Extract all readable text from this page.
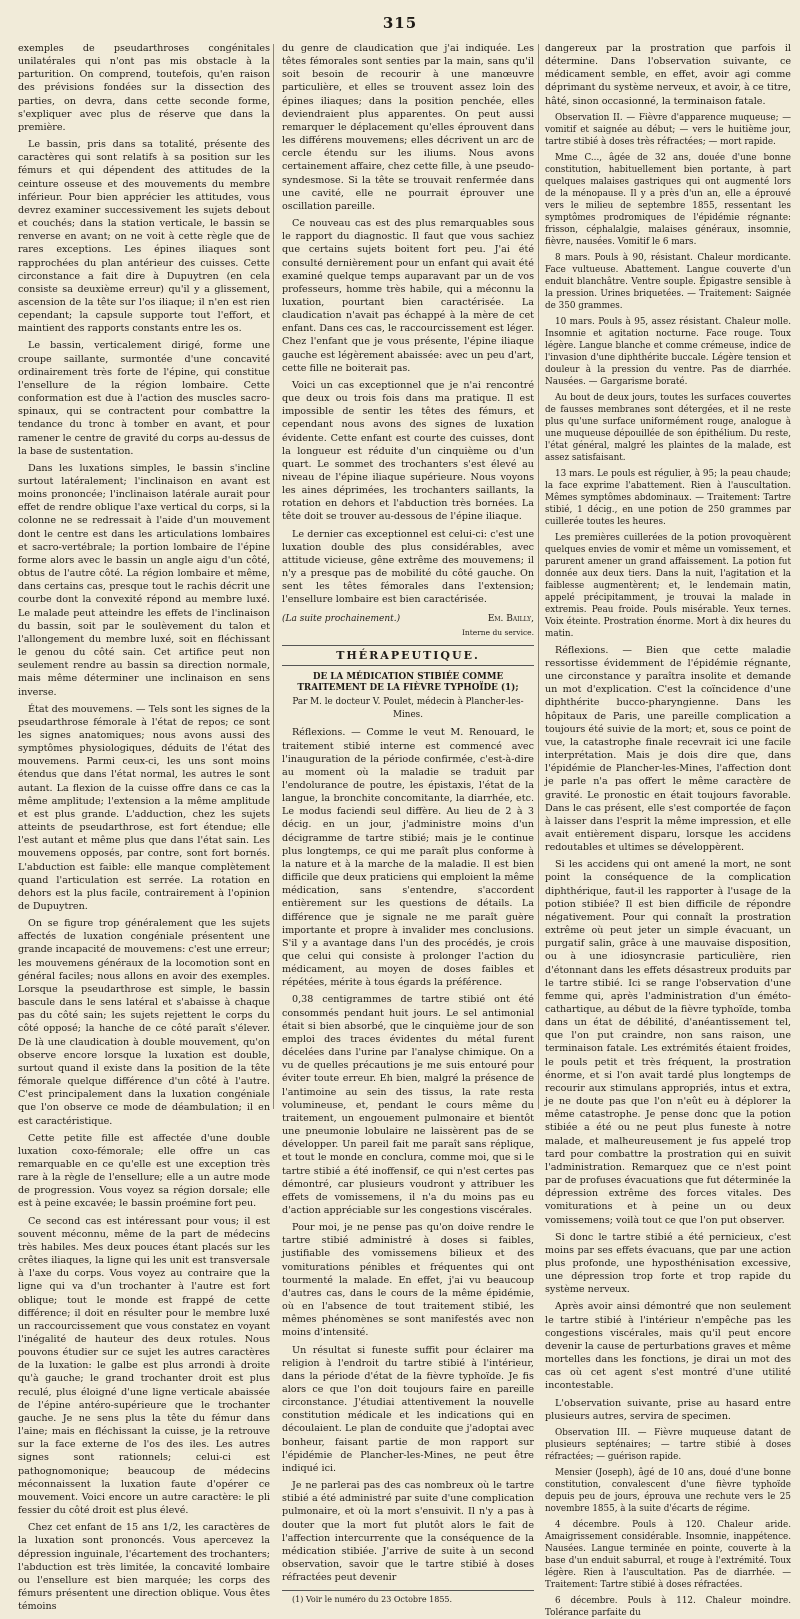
315

exemples de pseudarthroses congénitales unilatérales qui n'ont pas mis obstacle à la parturition. On comprend, toutefois, qu'en raison des prévisions fondées sur la dissection des parties, on devra, dans cette seconde forme, s'expliquer avec plus de réserve que dans la première.

Le bassin, pris dans sa totalité, présente des caractères qui sont relatifs à sa position sur les fémurs et qui dépendent des attitudes de la ceinture osseuse et des mouvements du membre inférieur. Pour bien apprécier les attitudes, vous devrez examiner successivement les sujets debout et couchés; dans la station verticale, le bassin se renverse en avant; on ne voit à cette règle que de rares exceptions. Les épines iliaques sont rapprochées du plan antérieur des cuisses. Cette circonstance a fait dire à Dupuytren (en cela consiste sa deuxième erreur) qu'il y a glissement, ascension de la tête sur l'os iliaque; il n'en est rien cependant; la capsule supporte tout l'effort, et maintient des rapports constants entre les os.

Le bassin, verticalement dirigé, forme une croupe saillante, surmontée d'une concavité ordinairement très forte de l'épine, qui constitue l'ensellure de la région lombaire. Cette conformation est due à l'action des muscles sacro-spinaux, qui se contractent pour combattre la tendance du tronc à tomber en avant, et pour ramener le centre de gravité du corps au-dessus de la base de sustentation.

Dans les luxations simples, le bassin s'incline surtout latéralement; l'inclinaison en avant est moins prononcée; l'inclinaison latérale aurait pour effet de rendre oblique l'axe vertical du corps, si la colonne ne se redressait à l'aide d'un mouvement dont le centre est dans les articulations lombaires et sacro-vertébrale; la portion lombaire de l'épine forme alors avec le bassin un angle aigu d'un côté, obtus de l'autre côté. La région lombaire et même, dans certains cas, presque tout le rachis décrit une courbe dont la convexité répond au membre luxé. Le malade peut atteindre les effets de l'inclinaison du bassin, soit par le soulèvement du talon et l'allongement du membre luxé, soit en fléchissant le genou du côté sain. Cet artifice peut non seulement rendre au bassin sa direction normale, mais même déterminer une inclinaison en sens inverse.

État des mouvemens. — Tels sont les signes de la pseudarthrose fémorale à l'état de repos; ce sont les signes anatomiques; nous avons aussi des symptômes physiologiques, déduits de l'état des mouvemens. Parmi ceux-ci, les uns sont moins étendus que dans l'état normal, les autres le sont autant. La flexion de la cuisse offre dans ce cas la même amplitude; l'extension a la même amplitude et est plus grande. L'adduction, chez les sujets atteints de pseudarthrose, est fort étendue; elle l'est autant et même plus que dans l'état sain. Les mouvemens opposés, par contre, sont fort bornés. L'abduction est faible: elle manque complètement quand l'articulation est serrée. La rotation en dehors est la plus facile, contrairement à l'opinion de Dupuytren.

On se figure trop généralement que les sujets affectés de luxation congéniale présentent une grande incapacité de mouvemens: c'est une erreur; les mouvemens généraux de la locomotion sont en général faciles; nous allons en avoir des exemples. Lorsque la pseudarthrose est simple, le bassin bascule dans le sens latéral et s'abaisse à chaque pas du côté sain; les sujets rejettent le corps du côté opposé; la hanche de ce côté paraît s'élever. De là une claudication à double mouvement, qu'on observe encore lorsque la luxation est double, surtout quand il existe dans la position de la tête fémorale quelque différence d'un côté à l'autre. C'est principalement dans la luxation congéniale que l'on observe ce mode de déambulation; il en est caractéristique.

Cette petite fille est affectée d'une double luxation coxo-fémorale; elle offre un cas remarquable en ce qu'elle est une exception très rare à la règle de l'ensellure; elle a un autre mode de progression. Vous voyez sa région dorsale; elle est à peine excavée; le bassin proémine fort peu.

Ce second cas est intéressant pour vous; il est souvent méconnu, même de la part de médecins très habiles. Mes deux pouces étant placés sur les crêtes iliaques, la ligne qui les unit est transversale à l'axe du corps. Vous voyez au contraire que la ligne qui va d'un trochanter à l'autre est fort oblique; tout le monde est frappé de cette différence; il doit en résulter pour le membre luxé un raccourcissement que vous constatez en voyant l'inégalité de hauteur des deux rotules. Nous pouvons étudier sur ce sujet les autres caractères de la luxation: le galbe est plus arrondi à droite qu'à gauche; le grand trochanter droit est plus reculé, plus éloigné d'une ligne verticale abaissée de l'épine antéro-supérieure que le trochanter gauche. Je ne sens plus la tête du fémur dans l'aine; mais en fléchissant la cuisse, je la retrouve sur la face externe de l'os des iles. Les autres signes sont rationnels; celui-ci est pathognomonique; beaucoup de médecins méconnaissent la luxation faute d'opérer ce mouvement. Voici encore un autre caractère: le pli fessier du côté droit est plus élevé.

Chez cet enfant de 15 ans 1/2, les caractères de la luxation sont prononcés. Vous apercevez la dépression inguinale, l'écartement des trochanters; l'abduction est très limitée, la concavité lombaire ou l'ensellure est bien marquée; les corps des fémurs présentent une direction oblique. Vous êtes témoins

du genre de claudication que j'ai indiquée. Les têtes fémorales sont senties par la main, sans qu'il soit besoin de recourir à une manœuvre particulière, et elles se trouvent assez loin des épines iliaques; dans la position penchée, elles deviendraient plus apparentes. On peut aussi remarquer le déplacement qu'elles éprouvent dans les différens mouvemens; elles décrivent un arc de cercle étendu sur les iliums. Nous avons certainement affaire, chez cette fille, à une pseudo-syndesmose. Si la tête se trouvait renfermée dans une cavité, elle ne pourrait éprouver une oscillation pareille.

Ce nouveau cas est des plus remarquables sous le rapport du diagnostic. Il faut que vous sachiez que certains sujets boitent fort peu. J'ai été consulté dernièrement pour un enfant qui avait été examiné quelque temps auparavant par un de vos professeurs, homme très habile, qui a méconnu la luxation, pourtant bien caractérisée. La claudication n'avait pas échappé à la mère de cet enfant. Dans ces cas, le raccourcissement est léger. Chez l'enfant que je vous présente, l'épine iliaque gauche est légèrement abaissée: avec un peu d'art, cette fille ne boiterait pas.

Voici un cas exceptionnel que je n'ai rencontré que deux ou trois fois dans ma pratique. Il est impossible de sentir les têtes des fémurs, et cependant nous avons des signes de luxation évidente. Cette enfant est courte des cuisses, dont la longueur est réduite d'un cinquième ou d'un quart. Le sommet des trochanters s'est élevé au niveau de l'épine iliaque supérieure. Nous voyons les aines déprimées, les trochanters saillants, la rotation en dehors et l'abduction très bornées. La tête doit se trouver au-dessous de l'épine iliaque.

Le dernier cas exceptionnel est celui-ci: c'est une luxation double des plus considérables, avec attitude vicieuse, gêne extrême des mouvemens; il n'y a presque pas de mobilité du côté gauche. On sent les têtes fémorales dans l'extension; l'ensellure lombaire est bien caractérisée.

(La suite prochainement.)	Em. Bailly,
Interne du service.
THÉRAPEUTIQUE.
DE LA MÉDICATION STIBIÉE COMME TRAITEMENT DE LA FIÈVRE TYPHOÏDE (1);
Par M. le docteur V. Poulet, médecin à Plancher-les-Mines.

Réflexions. — Comme le veut M. Renouard, le traitement stibié interne est commencé avec l'inauguration de la période confirmée, c'est-à-dire au moment où la maladie se traduit par l'endolurance de poutre, les épistaxis, l'état de la langue, la bronchite concomitante, la diarrhée, etc. Le modus faciendi seul diffère. Au lieu de 2 à 3 décig. en un jour, j'administre moins d'un décigramme de tartre stibié; mais je le continue plus longtemps, ce qui me paraît plus conforme à la nature et à la marche de la maladie. Il est bien difficile que deux praticiens qui emploient la même médication, sans s'entendre, s'accordent entièrement sur les questions de détails. La différence que je signale ne me paraît guère importante et propre à invalider mes conclusions. S'il y a avantage dans l'un des procédés, je crois que celui qui consiste à prolonger l'action du médicament, au moyen de doses faibles et répétées, mérite à tous égards la préférence.

0,38 centigrammes de tartre stibié ont été consommés pendant huit jours. Le sel antimonial était si bien absorbé, que le cinquième jour de son emploi des traces évidentes du métal furent décelées dans l'urine par l'analyse chimique. On a vu de quelles précautions je me suis entouré pour éviter toute erreur. Eh bien, malgré la présence de l'antimoine au sein des tissus, la rate resta volumineuse, et, pendant le cours même du traitement, un engouement pulmonaire et bientôt une pneumonie lobulaire ne laissèrent pas de se développer. Un pareil fait me paraît sans réplique, et tout le monde en conclura, comme moi, que si le tartre stibié a été inoffensif, ce qui n'est certes pas démontré, car plusieurs voudront y attribuer les effets de vomissemens, il n'a du moins pas eu d'action appréciable sur les congestions viscérales.

Pour moi, je ne pense pas qu'on doive rendre le tartre stibié administré à doses si faibles, justifiable des vomissemens bilieux et des vomiturations pénibles et fréquentes qui ont tourmenté la malade. En effet, j'ai vu beaucoup d'autres cas, dans le cours de la même épidémie, où en l'absence de tout traitement stibié, les mêmes phénomènes se sont manifestés avec non moins d'intensité.

Un résultat si funeste suffit pour éclairer ma religion à l'endroit du tartre stibié à l'intérieur, dans la période d'état de la fièvre typhoïde. Je fis alors ce que l'on doit toujours faire en pareille circonstance. J'étudiai attentivement la nouvelle constitution médicale et les indications qui en découlaient. Le plan de conduite que j'adoptai avec bonheur, faisant partie de mon rapport sur l'épidémie de Plancher-les-Mines, ne peut être indiqué ici.

Je ne parlerai pas des cas nombreux où le tartre stibié a été administré par suite d'une complication pulmonaire, et où la mort s'ensuivit. Il n'y a pas à douter que la mort fut plutôt alors le fait de l'affection intercurrente que la conséquence de la médication stibiée. J'arrive de suite à un second observation, savoir que le tartre stibié à doses réfractées peut devenir

(1) Voir le numéro du 23 Octobre 1855.

dangereux par la prostration que parfois il détermine. Dans l'observation suivante, ce médicament semble, en effet, avoir agi comme déprimant du système nerveux, et avoir, à ce titre, hâté, sinon occasionné, la terminaison fatale.

Observation II. — Fièvre d'apparence muqueuse; — vomitif et saignée au début; — vers le huitième jour, tartre stibié à doses très réfractées; — mort rapide.

Mme C..., âgée de 32 ans, douée d'une bonne constitution, habituellement bien portante, à part quelques malaises gastriques qui ont augmenté lors de la ménopause. Il y a près d'un an, elle a éprouvé vers le milieu de septembre 1855, ressentant les symptômes prodromiques de l'épidémie régnante: frisson, céphalalgie, malaises généraux, insomnie, fièvre, nausées. Vomitif le 6 mars.

8 mars. Pouls à 90, résistant. Chaleur mordicante. Face vultueuse. Abattement. Langue couverte d'un enduit blanchâtre. Ventre souple. Épigastre sensible à la pression. Urines briquetées. — Traitement: Saignée de 350 grammes.

10 mars. Pouls à 95, assez résistant. Chaleur molle. Insomnie et agitation nocturne. Face rouge. Toux légère. Langue blanche et comme crémeuse, indice de l'invasion d'une diphthérite buccale. Légère tension et douleur à la pression du ventre. Pas de diarrhée. Nausées. — Gargarisme boraté.

Au bout de deux jours, toutes les surfaces couvertes de fausses membranes sont détergées, et il ne reste plus qu'une surface uniformément rouge, analogue à une muqueuse dépouillée de son épithélium. Du reste, l'état général, malgré les plaintes de la malade, est assez satisfaisant.

13 mars. Le pouls est régulier, à 95; la peau chaude; la face exprime l'abattement. Rien à l'auscultation. Mêmes symptômes abdominaux. — Traitement: Tartre stibié, 1 décig., en une potion de 250 grammes par cuillerée toutes les heures.

Les premières cuillerées de la potion provoquèrent quelques envies de vomir et même un vomissement, et parurent amener un grand affaissement. La potion fut donnée aux deux tiers. Dans la nuit, l'agitation et la faiblesse augmentèrent; et, le lendemain matin, appelé précipitamment, je trouvai la malade in extremis. Peau froide. Pouls misérable. Yeux ternes. Voix éteinte. Prostration énorme. Mort à dix heures du matin.

Réflexions. — Bien que cette maladie ressortisse évidemment de l'épidémie régnante, une circonstance y paraîtra insolite et demande un mot d'explication. C'est la coïncidence d'une diphthérite bucco-pharyngienne. Dans les hôpitaux de Paris, une pareille complication a toujours été suivie de la mort; et, sous ce point de vue, la catastrophe finale recevrait ici une facile interprétation. Mais je dois dire que, dans l'épidémie de Plancher-les-Mines, l'affection dont je parle n'a pas offert le même caractère de gravité. Le pronostic en était toujours favorable. Dans le cas présent, elle s'est comportée de façon à laisser dans l'esprit la même impression, et elle avait entièrement disparu, lorsque les accidens redoutables et ultimes se développèrent.

Si les accidens qui ont amené la mort, ne sont point la conséquence de la complication diphthérique, faut-il les rapporter à l'usage de la potion stibiée? Il est bien difficile de répondre négativement. Pour qui connaît la prostration extrême où peut jeter un simple évacuant, un purgatif salin, grâce à une mauvaise disposition, ou à une idiosyncrasie particulière, rien d'étonnant dans les effets désastreux produits par le tartre stibié. Ici se range l'observation d'une femme qui, après l'administration d'un éméto-cathartique, au début de la fièvre typhoïde, tomba dans un état de débilité, d'anéantissement tel, que l'on put craindre, non sans raison, une terminaison fatale. Les extrémités étaient froides, le pouls petit et très fréquent, la prostration énorme, et si l'on avait tardé plus longtemps de recourir aux stimulans appropriés, intus et extra, je ne doute pas que l'on n'eût eu à déplorer la même catastrophe. Je pense donc que la potion stibiée a été ou ne peut plus funeste à notre malade, et malheureusement je fus appelé trop tard pour combattre la prostration qui en suivit l'administration. Remarquez que ce n'est point par de profuses évacuations que fut déterminée la dépression extrême des forces vitales. Des vomiturations et à peine un ou deux vomissemens; voilà tout ce que l'on put observer.

Si donc le tartre stibié a été pernicieux, c'est moins par ses effets évacuans, que par une action plus profonde, une hyposthénisation excessive, une dépression trop forte et trop rapide du système nerveux.

Après avoir ainsi démontré que non seulement le tartre stibié à l'intérieur n'empêche pas les congestions viscérales, mais qu'il peut encore devenir la cause de perturbations graves et même mortelles dans les fonctions, je dirai un mot des cas où cet agent s'est montré d'une utilité incontestable.

L'observation suivante, prise au hasard entre plusieurs autres, servira de specimen.

Observation III. — Fièvre muqueuse datant de plusieurs septénaires; — tartre stibié à doses réfractées; — guérison rapide.

Mensier (Joseph), âgé de 10 ans, doué d'une bonne constitution, convalescent d'une fièvre typhoïde depuis peu de jours, éprouva une rechute vers le 25 novembre 1855, à la suite d'écarts de régime.

4 décembre. Pouls à 120. Chaleur aride. Amaigrissement considérable. Insomnie, inappétence. Nausées. Langue terminée en pointe, couverte à la base d'un enduit saburral, et rouge à l'extrémité. Toux légère. Rien à l'auscultation. Pas de diarrhée. — Traitement: Tartre stibié à doses réfractées.

6 décembre. Pouls à 112. Chaleur moindre. Tolérance parfaite du
